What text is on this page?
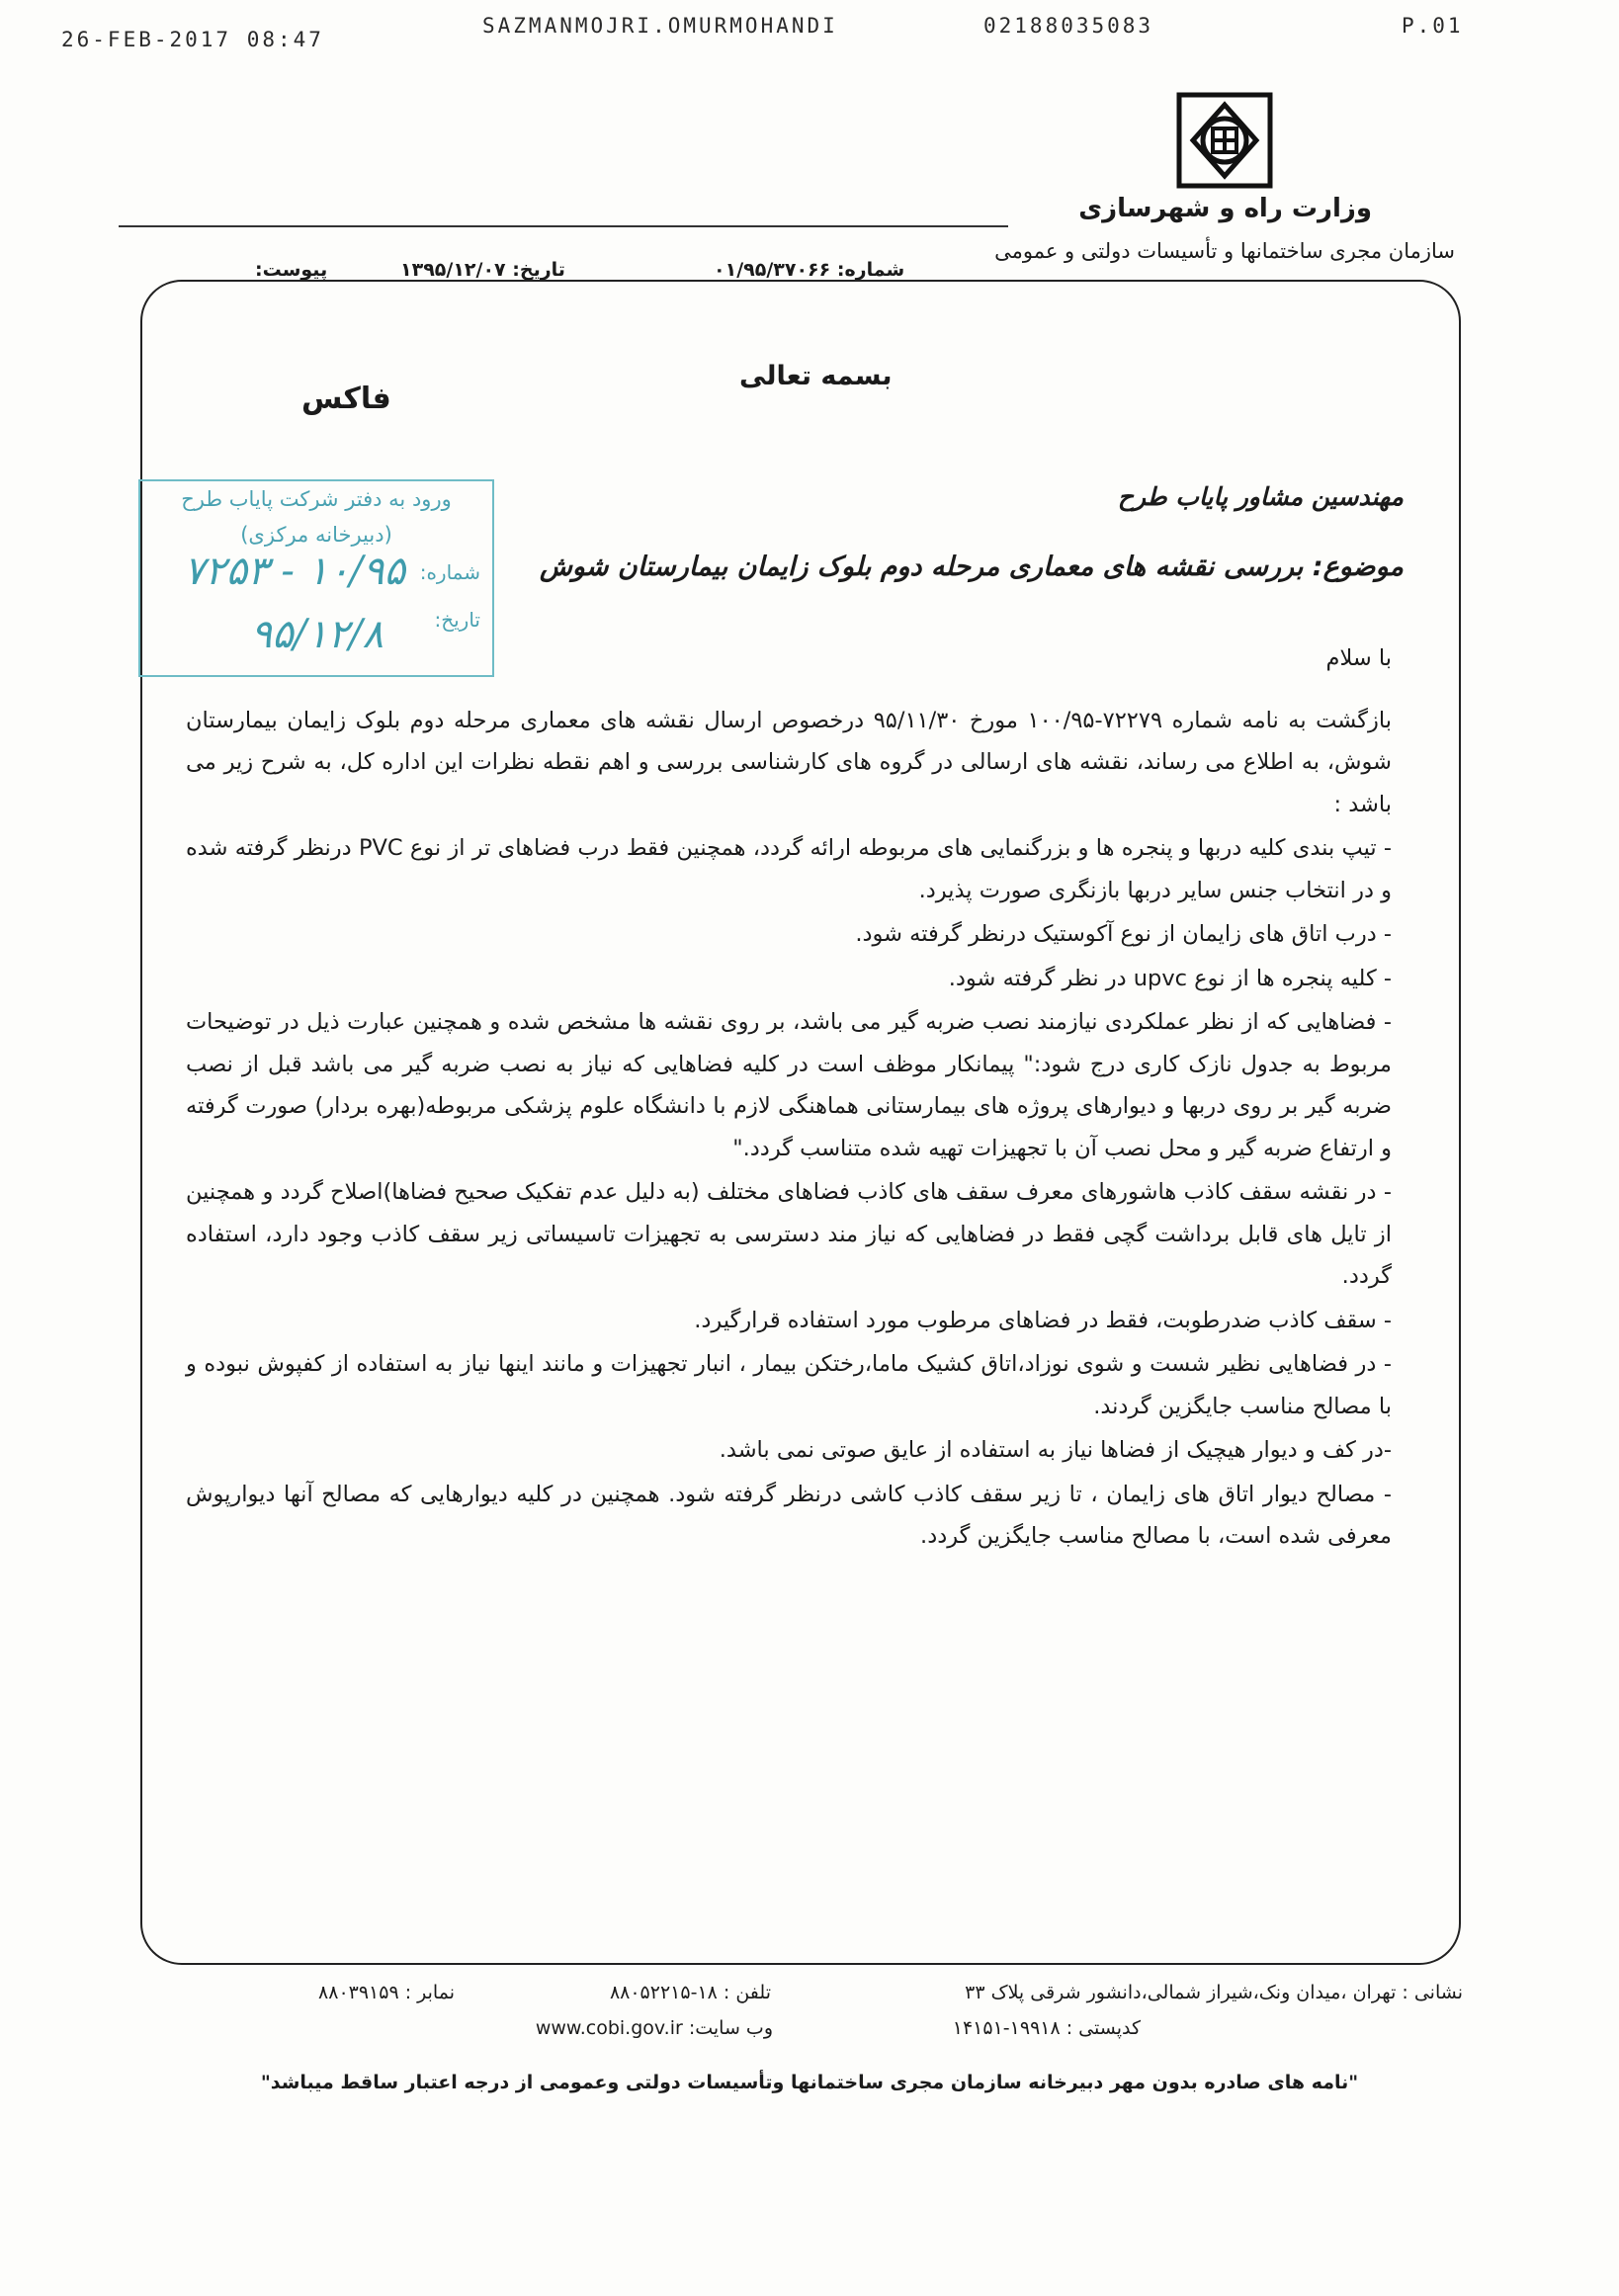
26-FEB-2017 08:47
SAZMANMOJRI.OMURMOHANDI	02188035083	P.01
وزارت راه و شهرسازی
سازمان مجری ساختمانها و تأسیسات دولتی و عمومی
شماره: ۰۱/۹۵/۳۷۰۶۶
تاریخ: ۱۳۹۵/۱۲/۰۷
پیوست:
بسمه تعالی
فاکس
ورود به دفتر شرکت پایاب طرح
(دبیرخانه مرکزی)
شماره:
تاریخ:
۱۰/۹۵ - ۷۲۵۳
۹۵/۱۲/۸
مهندسین مشاور پایاب طرح
موضوع: بررسی نقشه های معماری مرحله دوم بلوک زایمان بیمارستان شوش

با سلام

بازگشت به نامه شماره ۷۲۲۷۹-۱۰۰/۹۵ مورخ ۹۵/۱۱/۳۰ درخصوص ارسال نقشه های معماری مرحله دوم بلوک زایمان بیمارستان شوش، به اطلاع می رساند، نقشه های ارسالی در گروه های کارشناسی بررسی و اهم نقطه نظرات این اداره کل، به شرح زیر می باشد :

- تیپ بندی کلیه دربها و پنجره ها و بزرگنمایی های مربوطه ارائه گردد، همچنین فقط درب فضاهای تر از نوع PVC درنظر گرفته شده و در انتخاب جنس سایر دربها بازنگری صورت پذیرد.

- درب اتاق های زایمان از نوع آکوستیک درنظر گرفته شود.

- کلیه پنجره ها از نوع upvc در نظر گرفته شود.

- فضاهایی که از نظر عملکردی نیازمند نصب ضربه گیر می باشد، بر روی نقشه ها مشخص شده و همچنین عبارت ذیل در توضیحات مربوط به جدول نازک کاری درج شود:" پیمانکار موظف است در کلیه فضاهایی که نیاز به نصب ضربه گیر می باشد قبل از نصب ضربه گیر بر روی دربها و دیوارهای پروژه های بیمارستانی هماهنگی لازم با دانشگاه علوم پزشکی مربوطه(بهره بردار) صورت گرفته و ارتفاع ضربه گیر و محل نصب آن با تجهیزات تهیه شده متناسب گردد."

- در نقشه سقف کاذب هاشورهای معرف سقف های کاذب فضاهای مختلف (به دلیل عدم تفکیک صحیح فضاها)اصلاح گردد و همچنین از تایل های قابل برداشت گچی فقط در فضاهایی که نیاز مند دسترسی به تجهیزات تاسیساتی زیر سقف کاذب وجود دارد، استفاده گردد.

- سقف کاذب ضدرطوبت، فقط در فضاهای مرطوب مورد استفاده قرارگیرد.

- در فضاهایی نظیر شست و شوی نوزاد،اتاق کشیک ماما،رختکن بیمار ، انبار تجهیزات و مانند اینها نیاز به استفاده از کفپوش نبوده و با مصالح مناسب جایگزین گردند.

-در کف و دیوار هیچیک از فضاها نیاز به استفاده از عایق صوتی نمی باشد.

- مصالح دیوار اتاق های زایمان ، تا زیر سقف کاذب کاشی درنظر گرفته شود. همچنین در کلیه دیوارهایی که مصالح آنها دیوارپوش معرفی شده است، با مصالح مناسب جایگزین گردد.

نشانی : تهران ،میدان ونک،شیراز شمالی،دانشور شرقی پلاک ۳۳
کدپستی : ۱۹۹۱۸-۱۴۱۵۱
تلفن : ۱۸-۸۸۰۵۲۲۱۵
وب سایت: www.cobi.gov.ir
نمابر : ۸۸۰۳۹۱۵۹
"نامه های صادره بدون مهر دبیرخانه سازمان مجری ساختمانها وتأسیسات دولتی وعمومی از درجه اعتبار ساقط میباشد"
